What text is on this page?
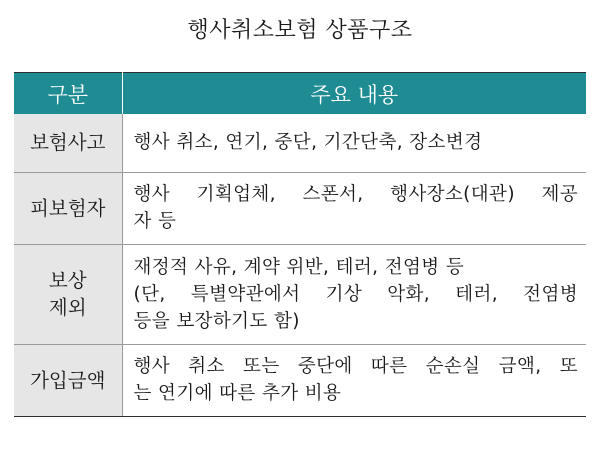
행사취소보험 상품구조
구분	주요 내용
보험사고	행사 취소, 연기, 중단, 기간단축, 장소변경

피보험자	행사 기획업체, 스폰서, 행사장소(대관) 제공
자 등

보상
제외	재정적 사유, 계약 위반, 테러, 전염병 등
(단, 특별약관에서 기상 악화, 테러, 전염병
등을 보장하기도 함)

가입금액	행사 취소 또는 중단에 따른 순손실 금액, 또
는 연기에 따른 추가 비용
